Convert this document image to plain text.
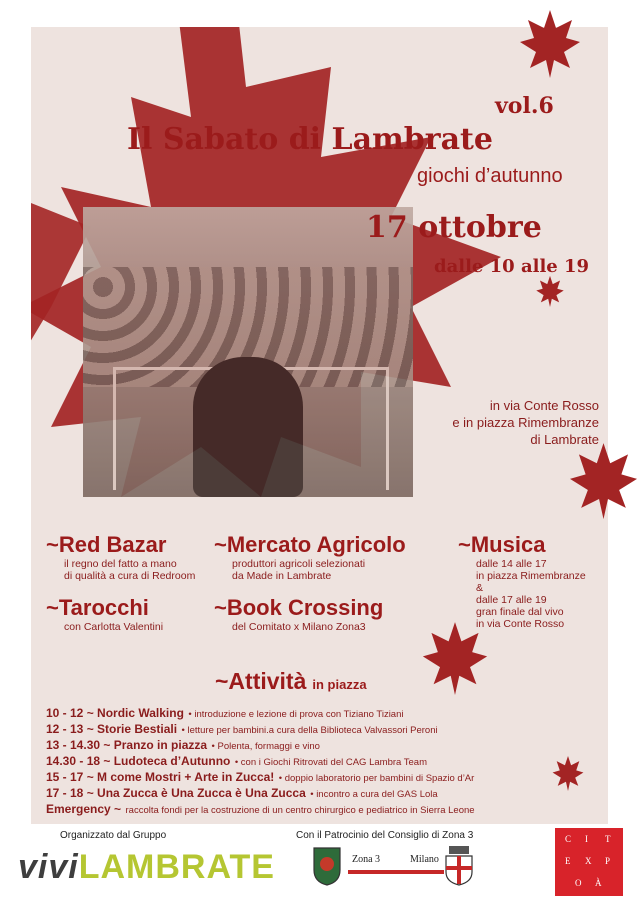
vol.6
Il Sabato di Lambrate
giochi d’autunno
17 ottobre
dalle 10 alle 19
in via Conte Rosso
e in piazza Rimembranze
di Lambrate
~Red Bazar
il regno del fatto a mano
di qualità a cura di Redroom
~Mercato Agricolo
produttori agricoli selezionati
da Made in Lambrate
~Musica
dalle 14 alle 17
in piazza Rimembranze
&
dalle 17 alle 19
gran finale dal vivo
in via Conte Rosso
~Tarocchi
con Carlotta Valentini
~Book Crossing
del Comitato x Milano Zona3
~Attività in piazza
10 - 12 ~ Nordic Walking • introduzione e lezione di prova con Tiziano Tiziani
12 - 13 ~ Storie Bestiali • letture per bambini.a cura della Biblioteca Valvassori Peroni
13 - 14.30 ~ Pranzo in piazza • Polenta, formaggi e vino
14.30 - 18 ~ Ludoteca d’Autunno • con i Giochi Ritrovati del CAG Lambra Team
15 - 17 ~ M come Mostri + Arte in Zucca! • doppio laboratorio per bambini di Spazio d’Ar
17 - 18 ~ Una Zucca è Una Zucca è Una Zucca • incontro a cura del GAS Lola
Emergency ~ raccolta fondi per la costruzione di un centro chirurgico e pediatrico in Sierra Leone
Organizzato dal Gruppo
viviLAMBRATE
Con il Patrocinio del Consiglio di Zona 3
Zona 3	Milano
C I T
E X P
O À
